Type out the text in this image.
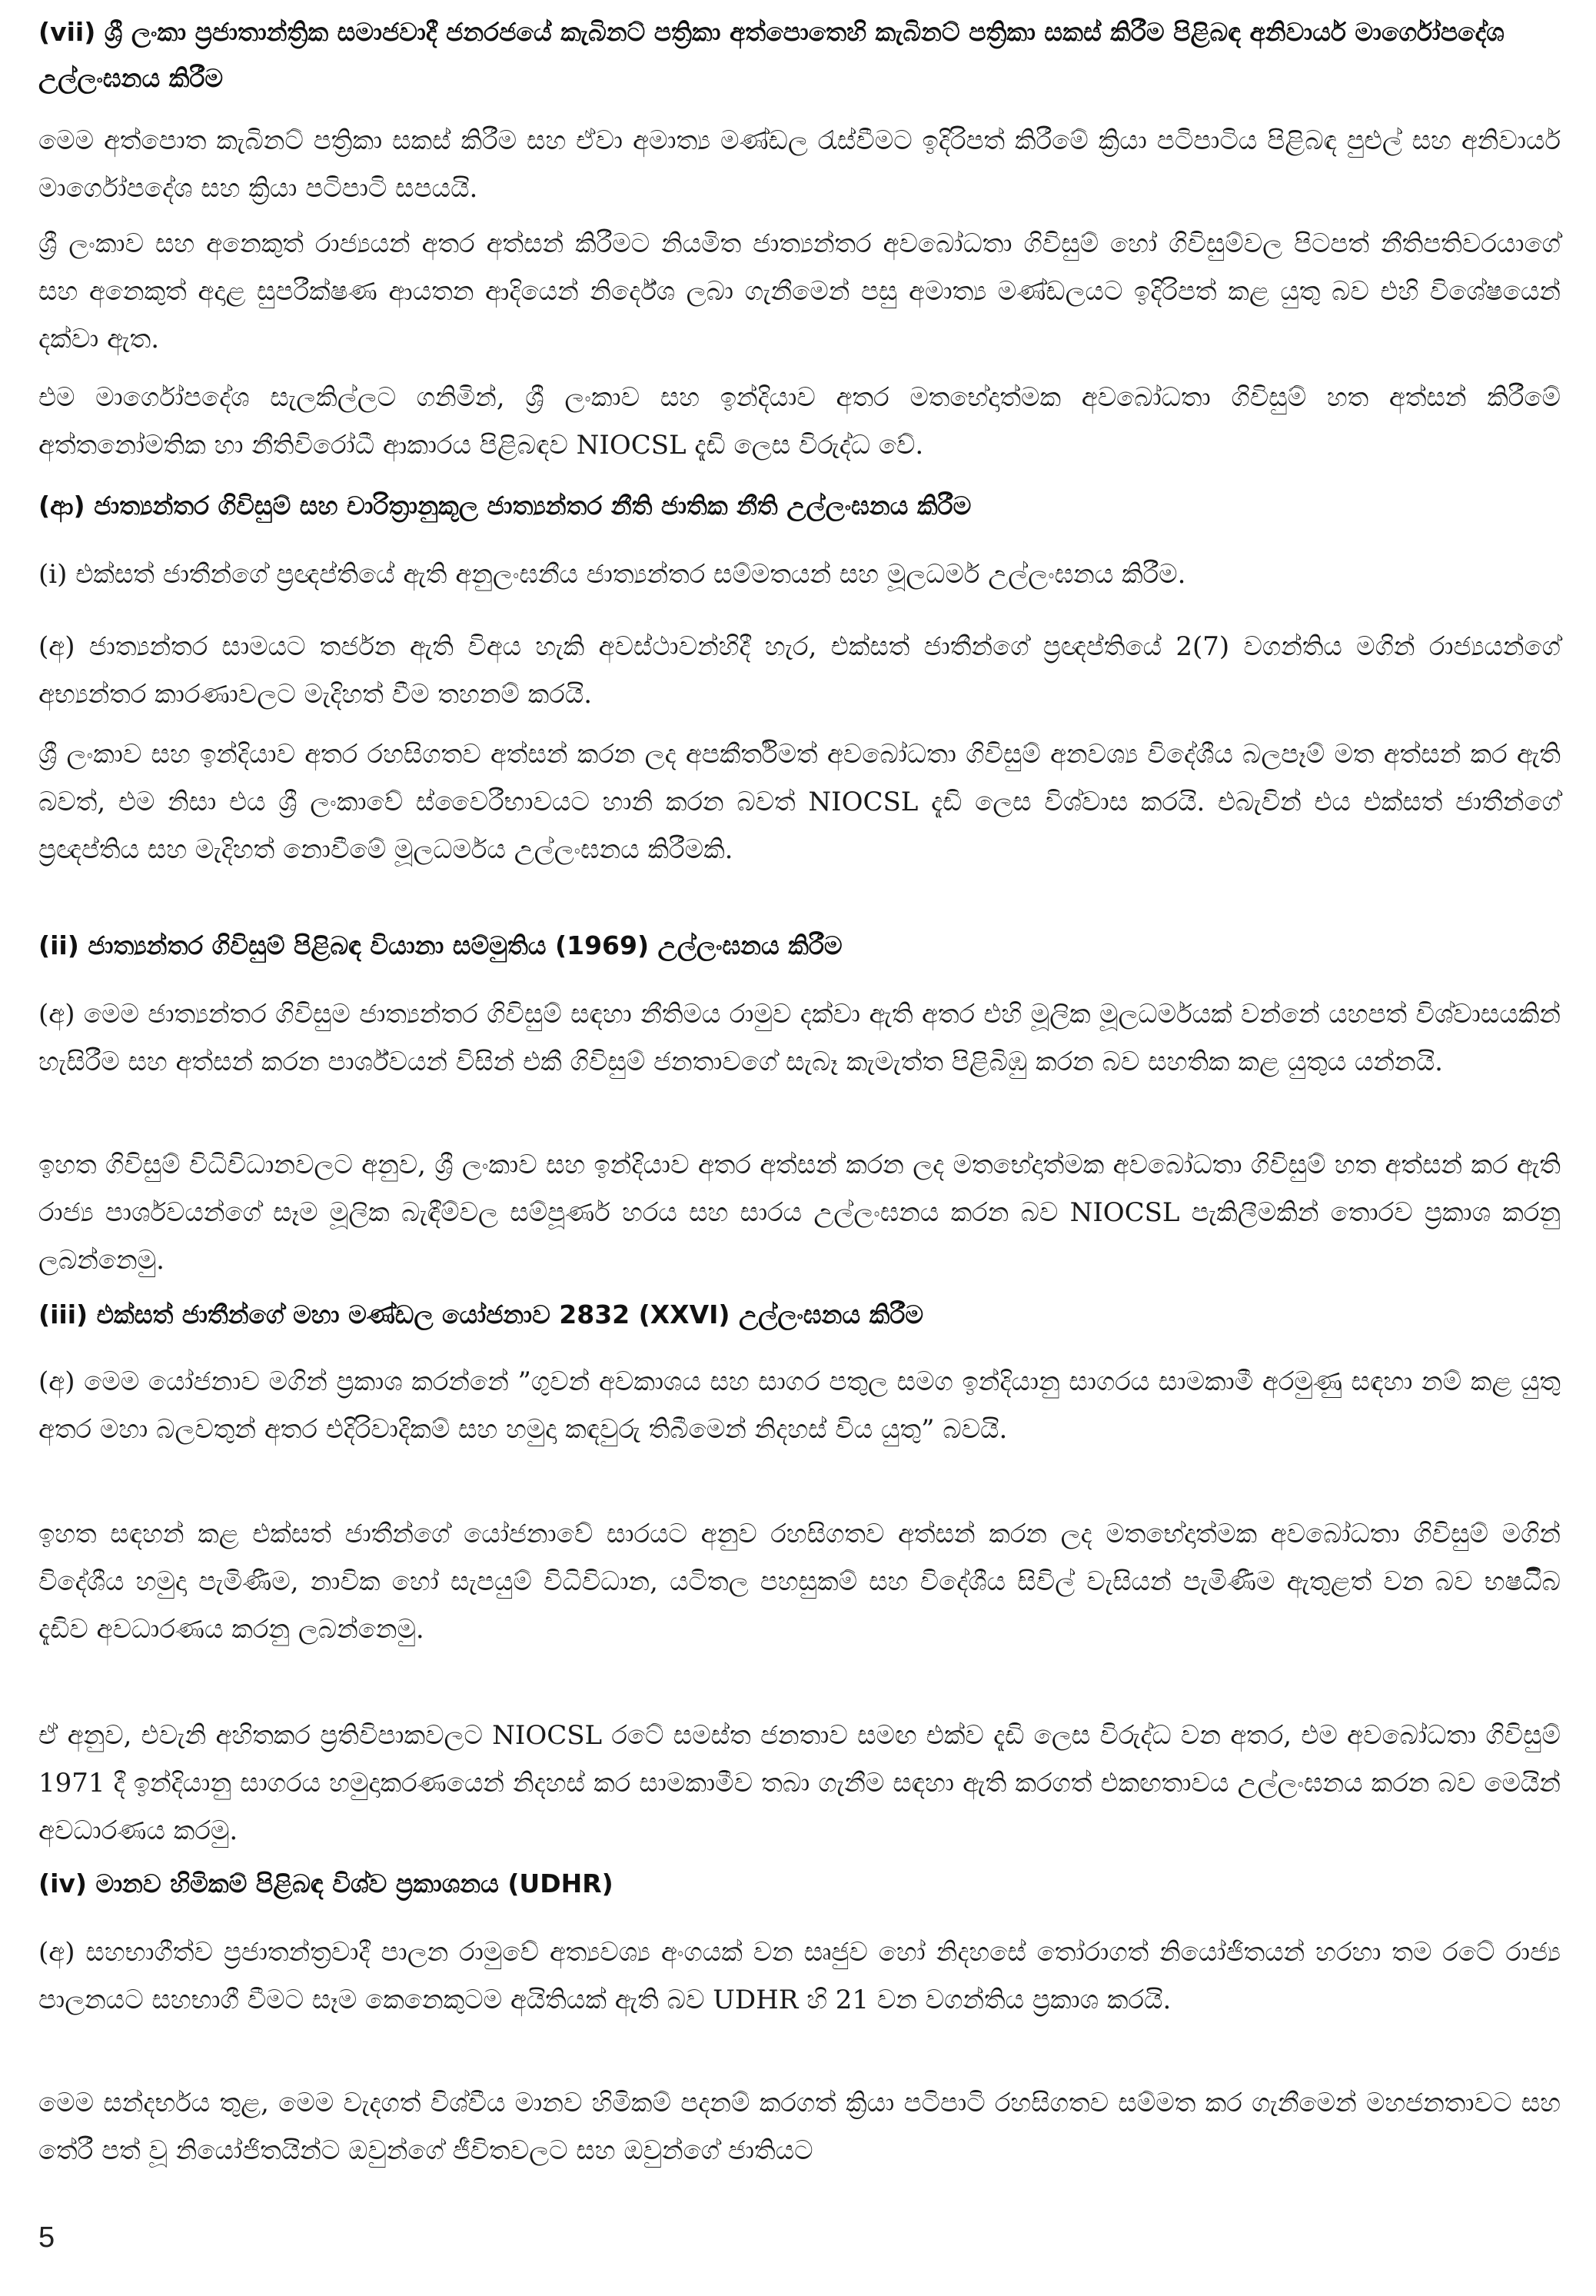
(vii) ශ්‍රී ලංකා ප්‍රජාතාන්ත්‍රික සමාජවාදී ජනරජයේ කැබිනට් පත්‍රිකා අත්පොතෙහි කැබිනට් පත්‍රිකා සකස් කිරීම පිළිබඳ අනිවාර්ය මාර්ගෝපදේශ උල්ලංඝනය කිරීම

මෙම අත්පොත කැබිනට් පත්‍රිකා සකස් කිරීම සහ ඒවා අමාත්‍ය මණ්ඩල රැස්වීමට ඉදිරිපත් කිරීමේ ක්‍රියා පටිපාටිය පිළිබඳ පුළුල් සහ අනිවාර්ය මාර්ගෝපදේශ සහ ක්‍රියා පටිපාටි සපයයි.

ශ්‍රී ලංකාව සහ අනෙකුත් රාජ්‍යයන් අතර අත්සන් කිරීමට නියමිත ජාත්‍යන්තර අවබෝධතා ගිවිසුම් හෝ ගිවිසුම්වල පිටපත් නීතිපතිවරයාගේ සහ අනෙකුත් අදාළ සුපරීක්ෂණ ආයතන ආදියෙන් නිර්දේශ ලබා ගැනීමෙන් පසු අමාත්‍ය මණ්ඩලයට ඉදිරිපත් කළ යුතු බව එහි විශේෂයෙන් දක්වා ඇත.

එම මාර්ගෝපදේශ සැලකිල්ලට ගනිමින්, ශ්‍රී ලංකාව සහ ඉන්දියාව අතර මතභේදාත්මක අවබෝධතා ගිවිසුම් හත අත්සන් කිරීමේ අත්තනෝමතික හා නීතිවිරෝධී ආකාරය පිළිබඳව NIOCSL දැඩි ලෙස විරුද්ධ වේ.

(ආ) ජාත්‍යන්තර ගිවිසුම් සහ චාරිත්‍රානුකූල ජාත්‍යන්තර නීති ජාතික නීති උල්ලංඝනය කිරීම

(i) එක්සත් ජාතීන්ගේ ප්‍රඥප්තියේ ඇති අනුලංඝනීය ජාත්‍යන්තර සම්මතයන් සහ මූලධර්ම උල්ලංඝනය කිරීම.

(අ) ජාත්‍යන්තර සාමයට තර්ජන ඇති විඅය හැකි අවස්ථාවන්හිදී හැර, එක්සත් ජාතීන්ගේ ප්‍රඥප්තියේ 2(7) වගන්තිය මගින් රාජ්‍යයන්ගේ අභ්‍යන්තර කාරණාවලට මැදිහත් වීම තහනම් කරයි.

ශ්‍රී ලංකාව සහ ඉන්දියාව අතර රහසිගතව අත්සන් කරන ලද අපකීර්තිමත් අවබෝධතා ගිවිසුම් අනවශ්‍ය විදේශීය බලපෑම් මත අත්සන් කර ඇති බවත්, එම නිසා එය ශ්‍රී ලංකාවේ ස්වෛරීභාවයට හානි කරන බවත් NIOCSL දැඩි ලෙස විශ්වාස කරයි. එබැවින් එය එක්සත් ජාතීන්ගේ ප්‍රඥප්තිය සහ මැදිහත් නොවීමේ මූලධර්මය උල්ලංඝනය කිරීමකි.

(ii) ජාත්‍යන්තර ගිවිසුම් පිළිබඳ වියානා සම්මුතිය (1969) උල්ලංඝනය කිරීම

(අ) මෙම ජාත්‍යන්තර ගිවිසුම ජාත්‍යන්තර ගිවිසුම් සඳහා නීතිමය රාමුව දක්වා ඇති අතර එහි මූලික මූලධර්මයක් වන්නේ යහපත් විශ්වාසයකින් හැසිරීම සහ අත්සන් කරන පාර්ශ්වයන් විසින් එකී ගිවිසුම් ජනතාවගේ සැබෑ කැමැත්ත පිළිබිඹු කරන බව සහතික කළ යුතුය යන්නයි.

ඉහත ගිවිසුම් විධිවිධානවලට අනුව, ශ්‍රී ලංකාව සහ ඉන්දියාව අතර අත්සන් කරන ලද මතභේදාත්මක අවබෝධතා ගිවිසුම් හත අත්සන් කර ඇති රාජ්‍ය පාර්ශවයන්ගේ සෑම මූලික බැඳීම්වල සම්පූර්ණ හරය සහ සාරය උල්ලංඝනය කරන බව NIOCSL පැකිලීමකින් තොරව ප්‍රකාශ කරනු ලබන්නෙමු.

(iii) එක්සත් ජාතීන්ගේ මහා මණ්ඩල යෝජනාව 2832 (XXVI) උල්ලංඝනය කිරීම

(අ) මෙම යෝජනාව මගින් ප්‍රකාශ කරන්නේ ”ගුවන් අවකාශය සහ සාගර පතුල සමග ඉන්දියානු සාගරය සාමකාමී අරමුණු සඳහා නම් කළ යුතු අතර මහා බලවතුන් අතර එදිරිවාදිකම් සහ හමුදා කඳවුරු තිබීමෙන් නිදහස් විය යුතු” බවයි.

ඉහත සඳහන් කළ එක්සත් ජාතීන්ගේ යෝජනාවේ සාරයට අනුව රහසිගතව අත්සන් කරන ලද මතභේදාත්මක අවබෝධතා ගිවිසුම් මගින් විදේශීය හමුදා පැමිණීම, නාවික හෝ සැපයුම් විධිවිධාන, යටිතල පහසුකම් සහ විදේශීය සිවිල් වැසියන් පැමිණීම ඇතුළත් වන බව භෂධිිබ දැඩිව අවධාරණය කරනු ලබන්නෙමු.

ඒ අනුව, එවැනි අහිතකර ප්‍රතිවිපාකවලට NIOCSL රටේ සමස්ත ජනතාව සමඟ එක්ව දැඩි ලෙස විරුද්ධ වන අතර, එම අවබෝධතා ගිවිසුම් 1971 දී ඉන්දියානු සාගරය හමුදාකරණයෙන් නිදහස් කර සාමකාමීව තබා ගැනීම සඳහා ඇති කරගත් එකඟතාවය උල්ලංඝනය කරන බව මෙයින් අවධාරණය කරමු.

(iv) මානව හිමිකම් පිළිබඳ විශ්ව ප්‍රකාශනය (UDHR)

(අ) සහභාගීත්ව ප්‍රජාතන්ත්‍රවාදී පාලන රාමුවේ අත්‍යවශ්‍ය අංගයක් වන සෘජුව හෝ නිදහසේ තෝරාගත් නියෝජිතයන් හරහා තම රටේ රාජ්‍ය පාලනයට සහභාගී වීමට සෑම කෙනෙකුටම අයිතියක් ඇති බව UDHR හි 21 වන වගන්තිය ප්‍රකාශ කරයි.

මෙම සන්දර්භය තුළ, මෙම වැදගත් විශ්වීය මානව හිමිකම් පදනම් කරගත් ක්‍රියා පටිපාටි රහසිගතව සම්මත කර ගැනීමෙන් මහජනතාවට සහ තේරී පත් වූ නියෝජිතයින්ට ඔවුන්ගේ ජීවිතවලට සහ ඔවුන්ගේ ජාතියට

5
